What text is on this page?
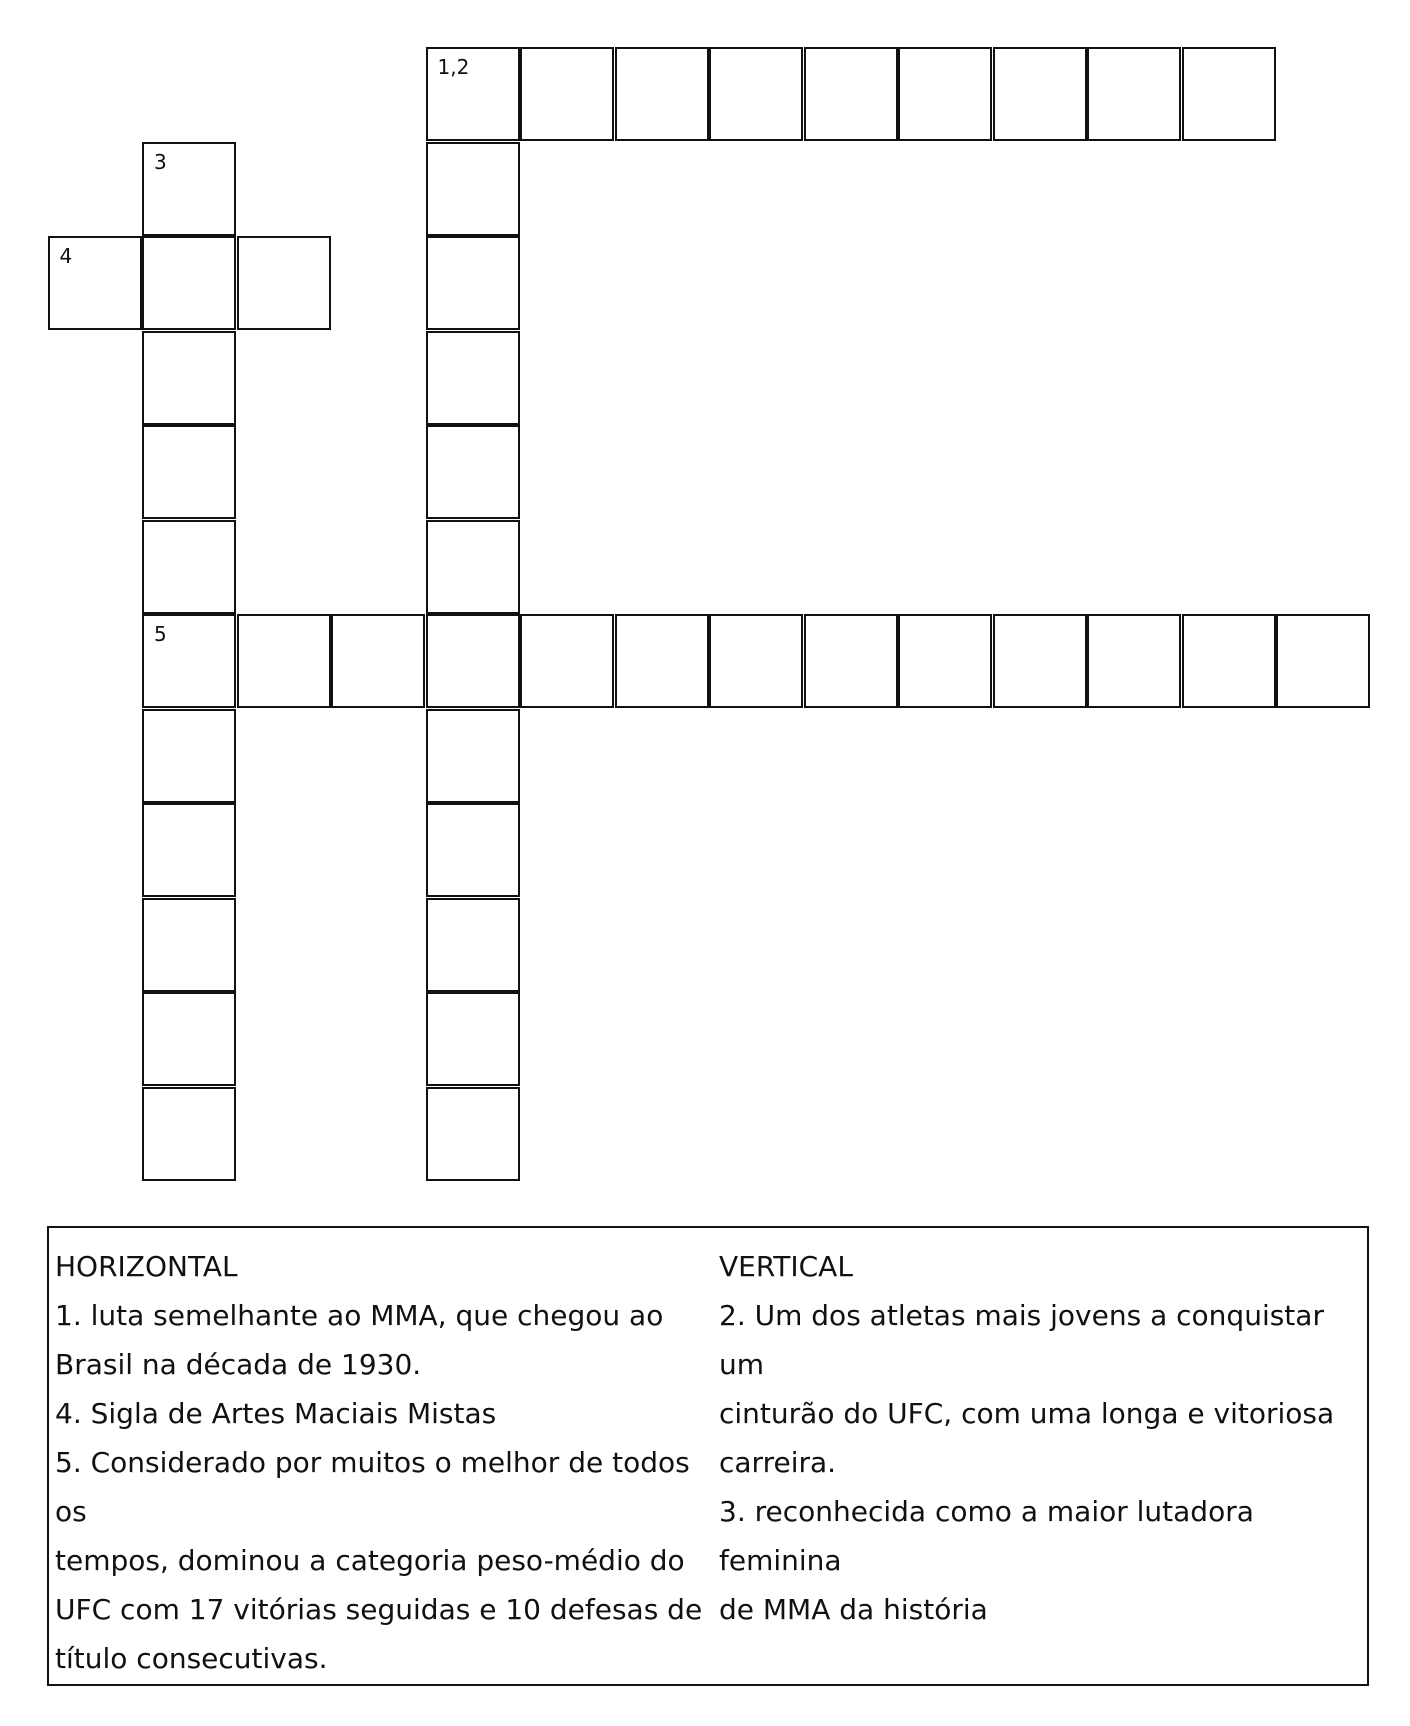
1,2
3
4
5
HORIZONTAL
1. luta semelhante ao MMA, que chegou ao
Brasil na década de 1930.
4. Sigla de Artes Maciais Mistas
5. Considerado por muitos o melhor de todos os
tempos, dominou a categoria peso-médio do
UFC com 17 vitórias seguidas e 10 defesas de
título consecutivas.
VERTICAL
2. Um dos atletas mais jovens a conquistar um
cinturão do UFC, com uma longa e vitoriosa
carreira.
3. reconhecida como a maior lutadora feminina
de MMA da história
